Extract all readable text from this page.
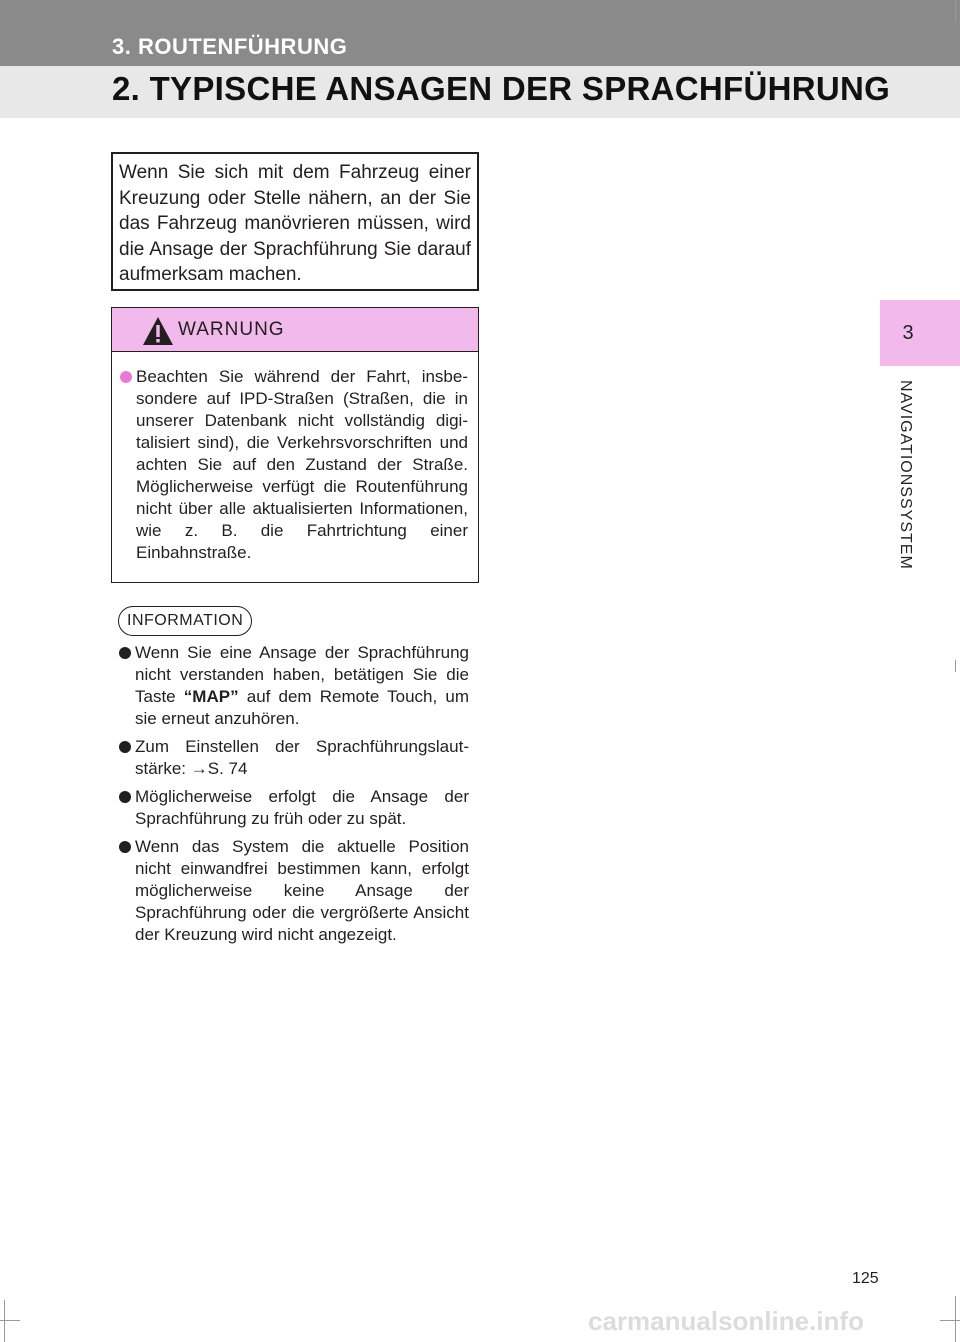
3. ROUTENFÜHRUNG
2. TYPISCHE ANSAGEN DER SPRACHFÜHRUNG
3
NAVIGATIONSSYSTEM

Wenn Sie sich mit dem Fahrzeug einer Kreuzung oder Stelle nähern, an der Sie das Fahrzeug manövrieren müssen, wird die Ansage der Sprachführung Sie darauf aufmerksam machen.

WARNUNG
Beachten Sie während der Fahrt, insbesondere auf IPD-Straßen (Straßen, die in unserer Datenbank nicht vollständig digitalisiert sind), die Verkehrsvorschriften und achten Sie auf den Zustand der Straße. Möglicherweise verfügt die Routenführung nicht über alle aktualisierten Informationen, wie z. B. die Fahrtrichtung einer Einbahnstraße.
INFORMATION
Wenn Sie eine Ansage der Sprachführung nicht verstanden haben, betätigen Sie die Taste “MAP” auf dem Remote Touch, um sie erneut anzuhören.
Zum Einstellen der Sprachführungslautstärke: →S. 74
Möglicherweise erfolgt die Ansage der Sprachführung zu früh oder zu spät.
Wenn das System die aktuelle Position nicht einwandfrei bestimmen kann, erfolgt möglicherweise keine Ansage der Sprachführung oder die vergrößerte Ansicht der Kreuzung wird nicht angezeigt.
125
carmanualsonline.info
